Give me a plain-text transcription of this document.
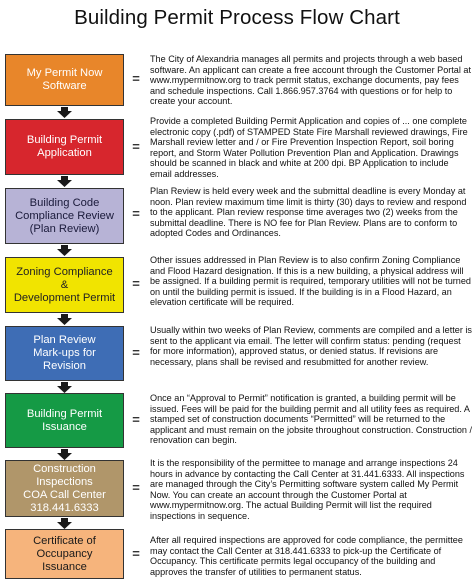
Building Permit Process Flow Chart
My Permit Now
Software	=
The City of Alexandria manages all permits and projects through a web based software. An applicant can create a free account through the Customer Portal at www.mypermitnow.org to track permit status, exchange documents, pay fees and schedule inspections. Call 1.866.957.3764 with questions or for help to create your account.
Building Permit
Application	=
Provide a completed Building Permit Application and copies of ... one complete electronic copy (.pdf) of STAMPED State Fire Marshall reviewed drawings, Fire Marshall review letter and / or Fire Prevention Inspection Report, soil boring report, and Storm Water Pollution Prevention Plan and Application. Drawings should be scanned in black and white at 200 dpi. BP Application to include email addresses.
Building Code
Compliance Review
(Plan Review)
=
Plan Review is held every week and the submittal deadline is every Monday at noon. Plan review maximum time limit is thirty (30) days to review and respond to the applicant. Plan review response time averages two (2) weeks from the submittal deadline. There is NO fee for Plan Review. Plans are to conform to adopted Codes and Ordinances.
Zoning Compliance
&
Development Permit
=
Other issues addressed in Plan Review is to also confirm Zoning Compliance and Flood Hazard designation. If this is a new building, a physical address will be assigned. If a building permit is required, temporary utilities will not be turned on until the building permit is issued. If the building is in a Flood Hazard, an elevation certificate will be required.
Plan Review
Mark-ups for
Revision
=
Usually within two weeks of Plan Review, comments are compiled and a letter is sent to the applicant via email. The letter will confirm status: pending (request for more information), approved status, or denied status. If revisions are necessary, plans shall be revised and resubmitted for another review.
Building Permit
Issuance	=
Once an “Approval to Permit” notification is granted, a building permit will be issued. Fees will be paid for the building permit and all utility fees as required. A stamped set of construction documents “Permitted” will be returned to the applicant and must remain on the jobsite throughout construction. Construction / renovation can begin.
Construction
Inspections
COA Call Center
318.441.6333
=
It is the responsibility of the permittee to manage and arrange inspections 24 hours in advance by contacting the Call Center at 31.441.6333. All inspections are managed through the City’s Permitting software system called My Permit Now. You can create an account through the Customer Portal at www.mypermitnow.org. The actual Building Permit will list the required inspections in sequence.
Certificate of
Occupancy
Issuance
=
After all required inspections are approved for code compliance, the permittee may contact the Call Center at 318.441.6333 to pick-up the Certificate of Occupancy. This certificate permits legal occupancy of the building and approves the transfer of utilities to permanent status.
